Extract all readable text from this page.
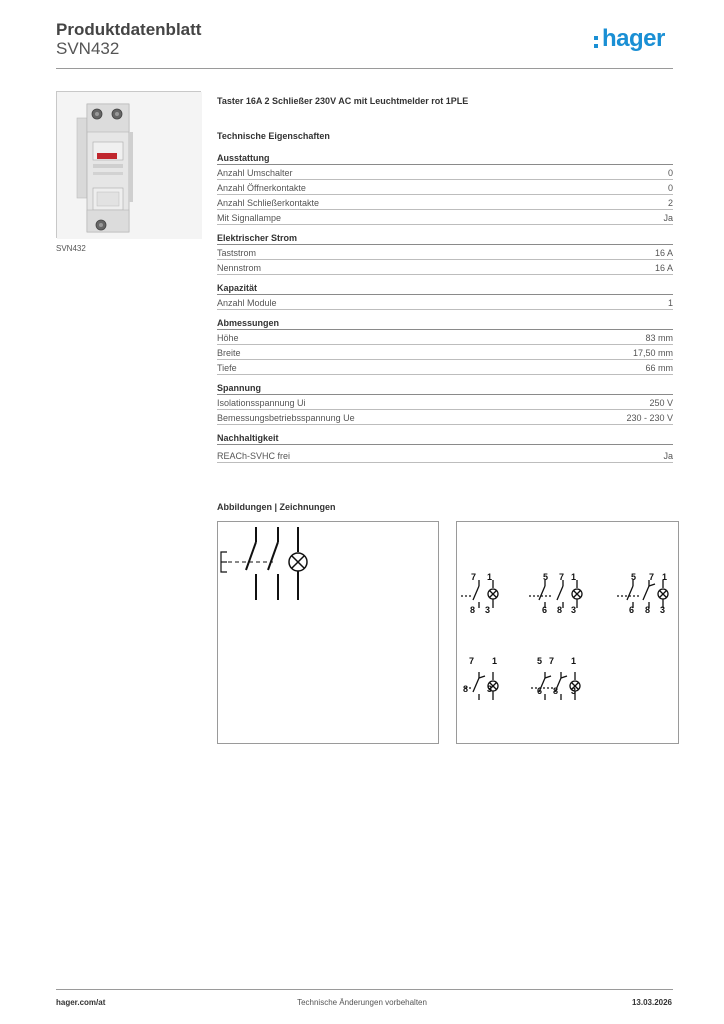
Produktdatenblatt
SVN432	hager
SVN432
Taster 16A 2 Schließer 230V AC mit Leuchtmelder rot 1PLE
Technische Eigenschaften
Ausstattung
Anzahl Umschalter	0
Anzahl Öffnerkontakte	0
Anzahl Schließerkontakte	2
Mit Signallampe	Ja
Elektrischer Strom
Taststrom	16 A
Nennstrom	16 A
Kapazität
Anzahl Module	1
Abmessungen
Höhe	83 mm
Breite	17,50 mm
Tiefe	66 mm
Spannung
Isolationsspannung Ui	250 V
Bemessungsbetriebsspannung Ue	230 - 230 V
Nachhaltigkeit
REACh-SVHC frei	Ja
Abbildungen | Zeichnungen
7 1
8 3
5 7 1
6 8 3
5 7 1
6 8 3
7 1
8 3
5 7 1
6 8 3
hager.com/at	Technische Änderungen vorbehalten	13.03.2026
